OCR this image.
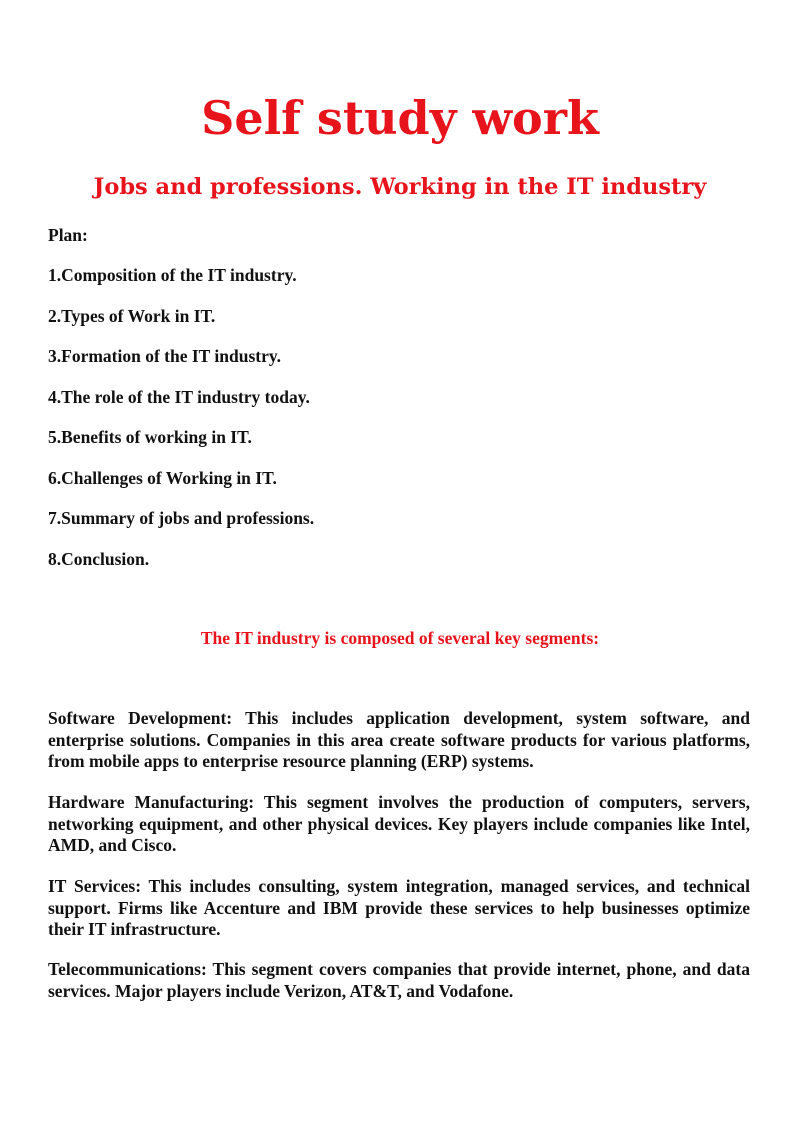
Self study work
Jobs and professions. Working in the IT industry

Plan:

1.Composition of the IT industry.
2.Types of Work in IT.
3.Formation of the IT industry.
4.The role of the IT industry today.
5.Benefits of working in IT.
6.Challenges of Working in IT.
7.Summary of jobs and professions.
8.Conclusion.

The IT industry is composed of several key segments:

Software Development: This includes application development, system software, and enterprise solutions. Companies in this area create software products for various platforms, from mobile apps to enterprise resource planning (ERP) systems.

Hardware Manufacturing: This segment involves the production of computers, servers, networking equipment, and other physical devices. Key players include companies like Intel, AMD, and Cisco.

IT Services: This includes consulting, system integration, managed services, and technical support. Firms like Accenture and IBM provide these services to help businesses optimize their IT infrastructure.

Telecommunications: This segment covers companies that provide internet, phone, and data services. Major players include Verizon, AT&T, and Vodafone.
